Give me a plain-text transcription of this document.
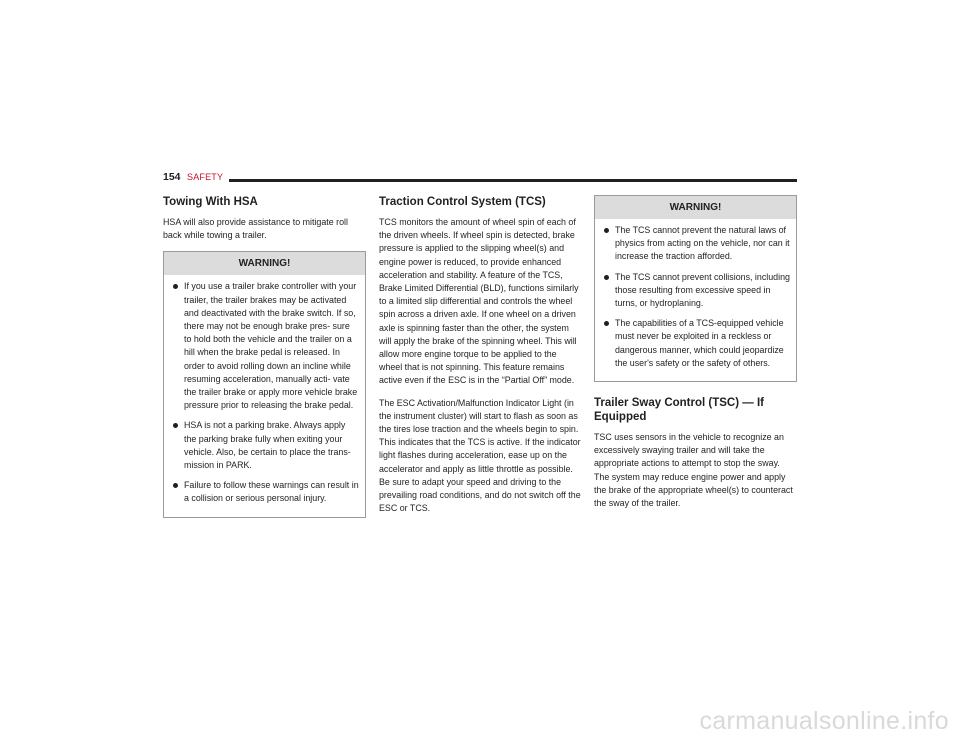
154 SAFETY
Towing With HSA

HSA will also provide assistance to mitigate roll back while towing a trailer.

WARNING!
If you use a trailer brake controller with your trailer, the trailer brakes may be activated and deactivated with the brake switch. If so, there may not be enough brake pres- sure to hold both the vehicle and the trailer on a hill when the brake pedal is released. In order to avoid rolling down an incline while resuming acceleration, manually acti- vate the trailer brake or apply more vehicle brake pressure prior to releasing the brake pedal.
HSA is not a parking brake. Always apply the parking brake fully when exiting your vehicle. Also, be certain to place the trans- mission in PARK.
Failure to follow these warnings can result in a collision or serious personal injury.
Traction Control System (TCS)

TCS monitors the amount of wheel spin of each of the driven wheels. If wheel spin is detected, brake pressure is applied to the slipping wheel(s) and engine power is reduced, to provide enhanced acceleration and stability. A feature of the TCS, Brake Limited Differential (BLD), functions similarly to a limited slip differential and controls the wheel spin across a driven axle. If one wheel on a driven axle is spinning faster than the other, the system will apply the brake of the spinning wheel. This will allow more engine torque to be applied to the wheel that is not spinning. This feature remains active even if the ESC is in the “Partial Off” mode.

The ESC Activation/Malfunction Indicator Light (in the instrument cluster) will start to flash as soon as the tires lose traction and the wheels begin to spin. This indicates that the TCS is active. If the indicator light flashes during acceleration, ease up on the accelerator and apply as little throttle as possible. Be sure to adapt your speed and driving to the prevailing road conditions, and do not switch off the ESC or TCS.

WARNING!
The TCS cannot prevent the natural laws of physics from acting on the vehicle, nor can it increase the traction afforded.
The TCS cannot prevent collisions, including those resulting from excessive speed in turns, or hydroplaning.
The capabilities of a TCS-equipped vehicle must never be exploited in a reckless or dangerous manner, which could jeopardize the user's safety or the safety of others.
Trailer Sway Control (TSC) — If Equipped

TSC uses sensors in the vehicle to recognize an excessively swaying trailer and will take the appropriate actions to attempt to stop the sway. The system may reduce engine power and apply the brake of the appropriate wheel(s) to counteract the sway of the trailer.

carmanualsonline.info
